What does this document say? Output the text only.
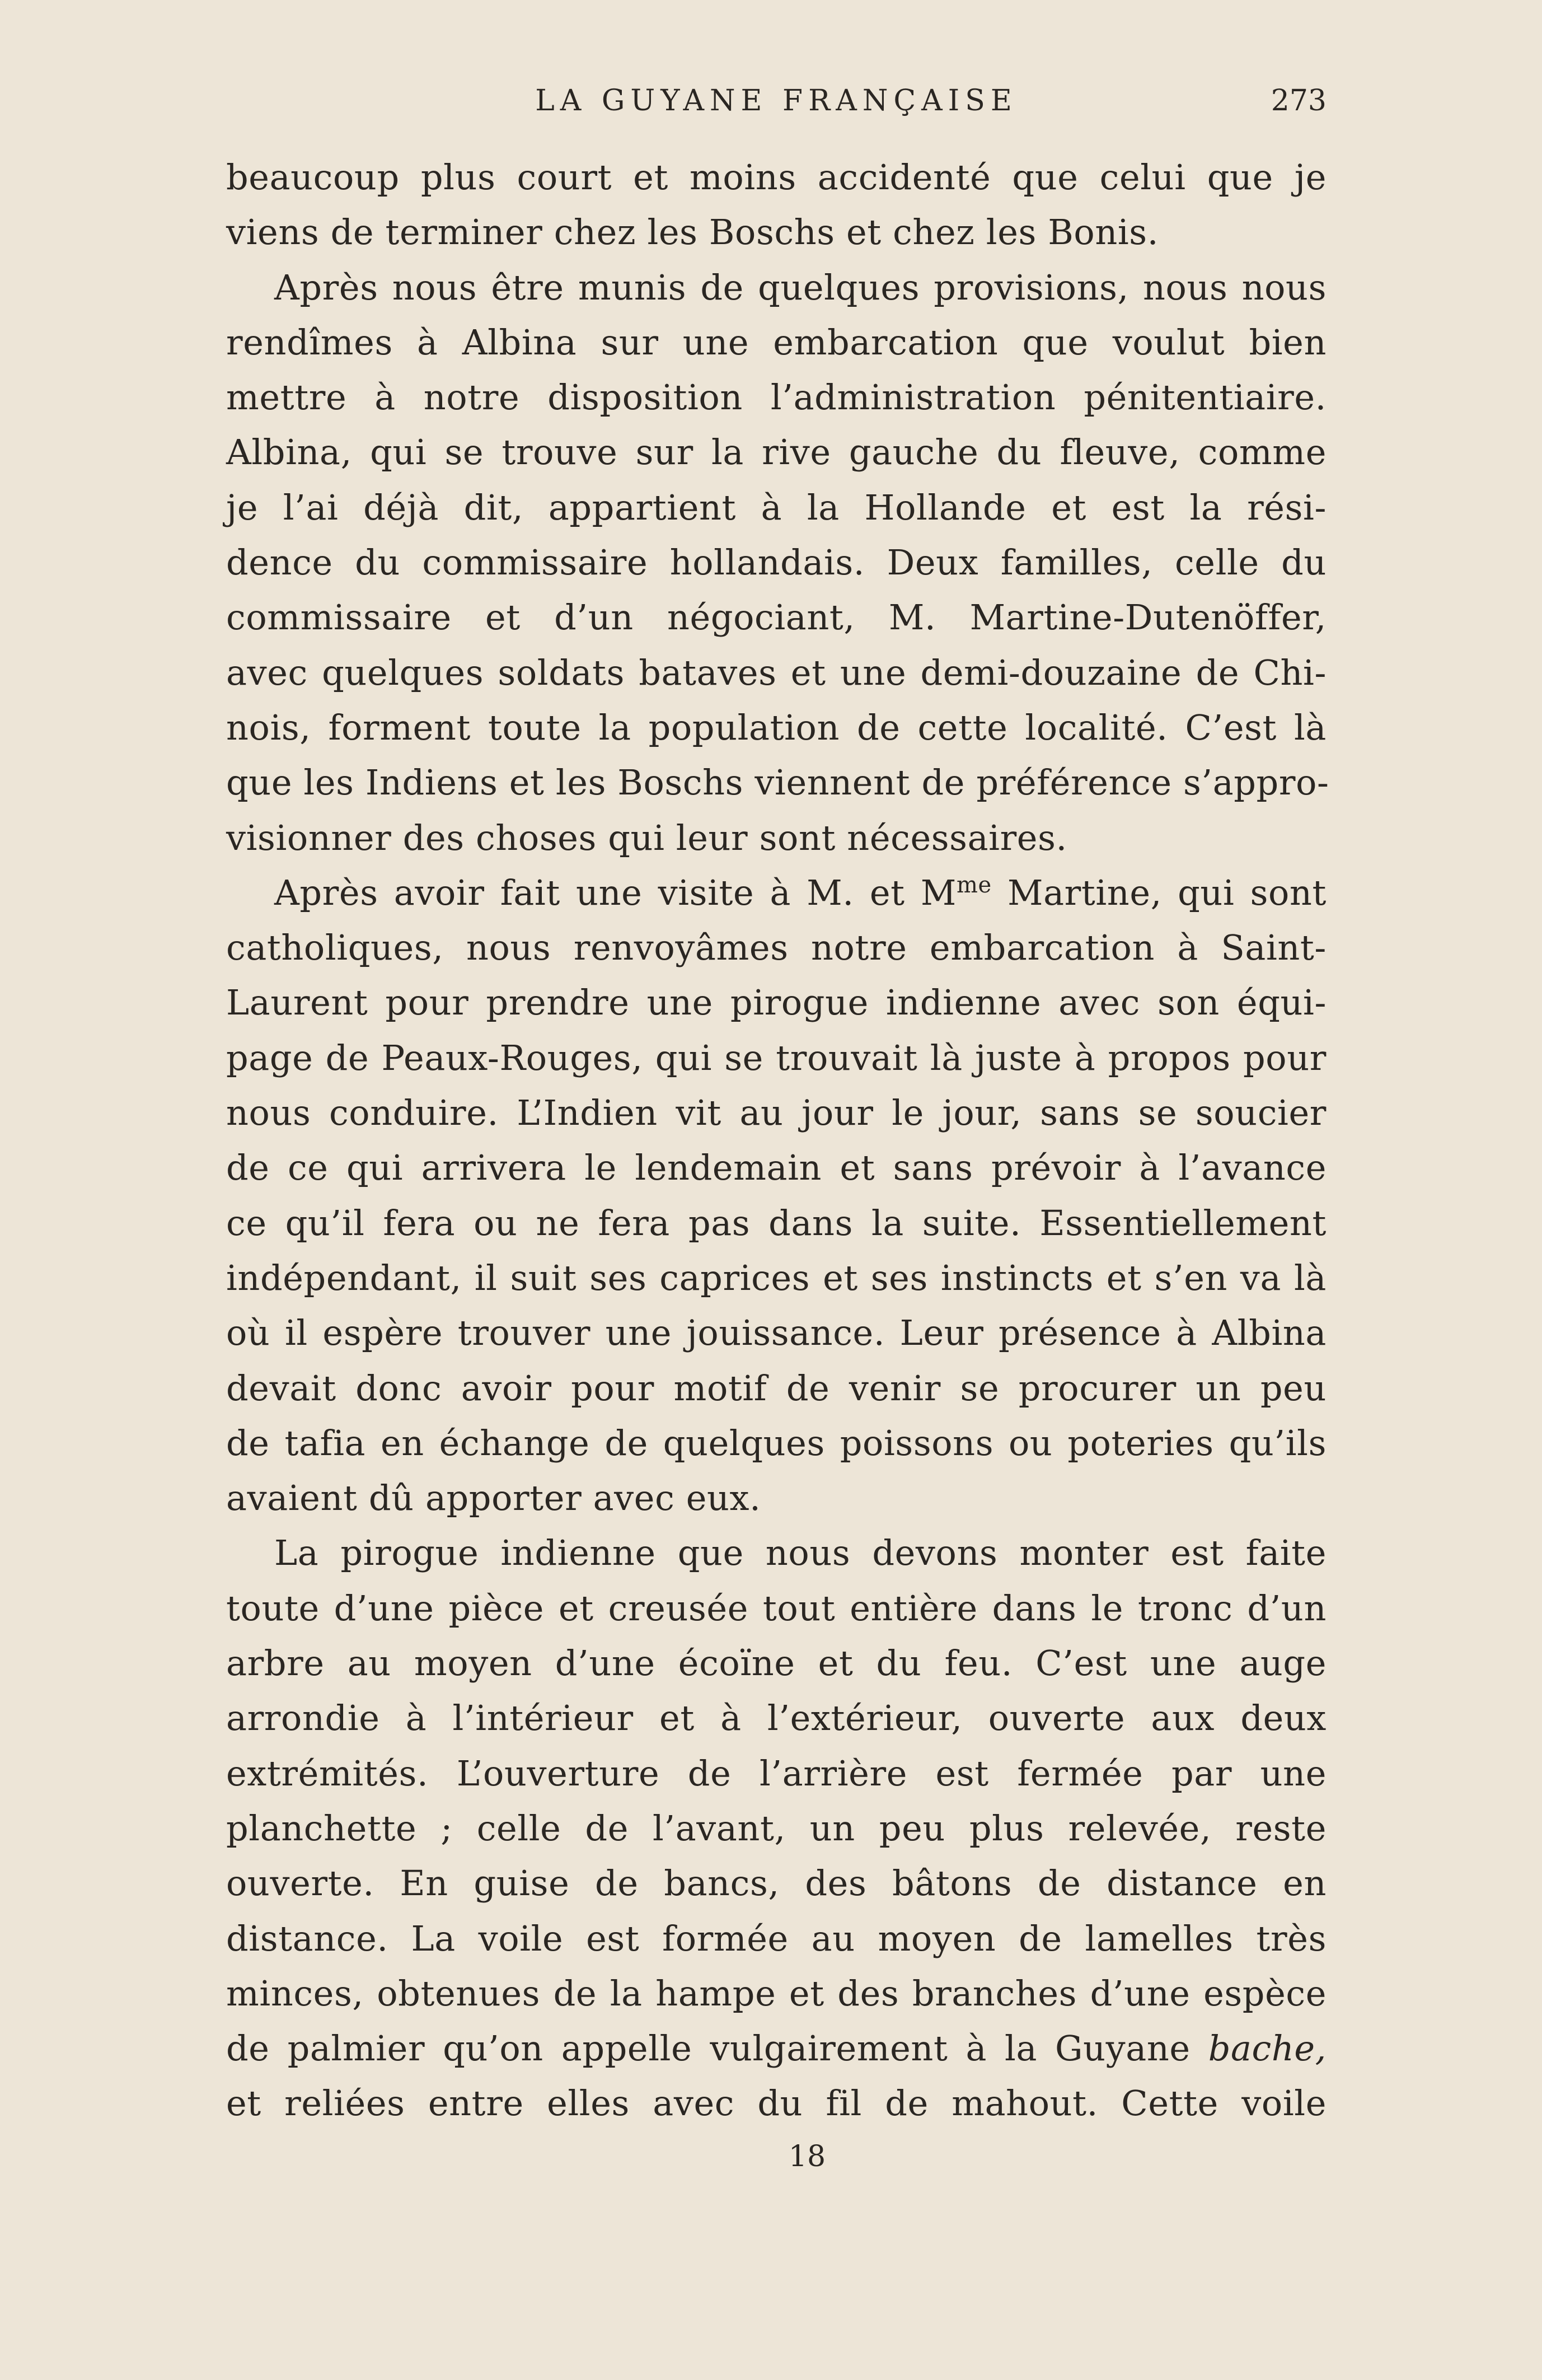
LA GUYANE FRANÇAISE	273
beaucoup plus court et moins accidenté que celui que je
viens de terminer chez les Boschs et chez les Bonis.
Après nous être munis de quelques provisions, nous nous
rendîmes à Albina sur une embarcation que voulut bien
mettre à notre disposition l’administration pénitentiaire.
Albina, qui se trouve sur la rive gauche du fleuve, comme
je l’ai déjà dit, appartient à la Hollande et est la rési-
dence du commissaire hollandais. Deux familles, celle du
commissaire et d’un négociant, M. Martine-Dutenöffer,
avec quelques soldats bataves et une demi-douzaine de Chi-
nois, forment toute la population de cette localité. C’est là
que les Indiens et les Boschs viennent de préférence s’appro-
visionner des choses qui leur sont nécessaires.
Après avoir fait une visite à M. et $M^{me}$ Martine, qui sont
catholiques, nous renvoyâmes notre embarcation à Saint-
Laurent pour prendre une pirogue indienne avec son équi-
page de Peaux-Rouges, qui se trouvait là juste à propos pour
nous conduire. L’Indien vit au jour le jour, sans se soucier
de ce qui arrivera le lendemain et sans prévoir à l’avance
ce qu’il fera ou ne fera pas dans la suite. Essentiellement
indépendant, il suit ses caprices et ses instincts et s’en va là
où il espère trouver une jouissance. Leur présence à Albina
devait donc avoir pour motif de venir se procurer un peu
de tafia en échange de quelques poissons ou poteries qu’ils
avaient dû apporter avec eux.
La pirogue indienne que nous devons monter est faite
toute d’une pièce et creusée tout entière dans le tronc d’un
arbre au moyen d’une écoïne et du feu. C’est une auge
arrondie à l’intérieur et à l’extérieur, ouverte aux deux
extrémités. L’ouverture de l’arrière est fermée par une
planchette ; celle de l’avant, un peu plus relevée, reste
ouverte. En guise de bancs, des bâtons de distance en
distance. La voile est formée au moyen de lamelles très
minces, obtenues de la hampe et des branches d’une espèce
de palmier qu’on appelle vulgairement à la Guyane bache,
et reliées entre elles avec du fil de mahout. Cette voile
18
